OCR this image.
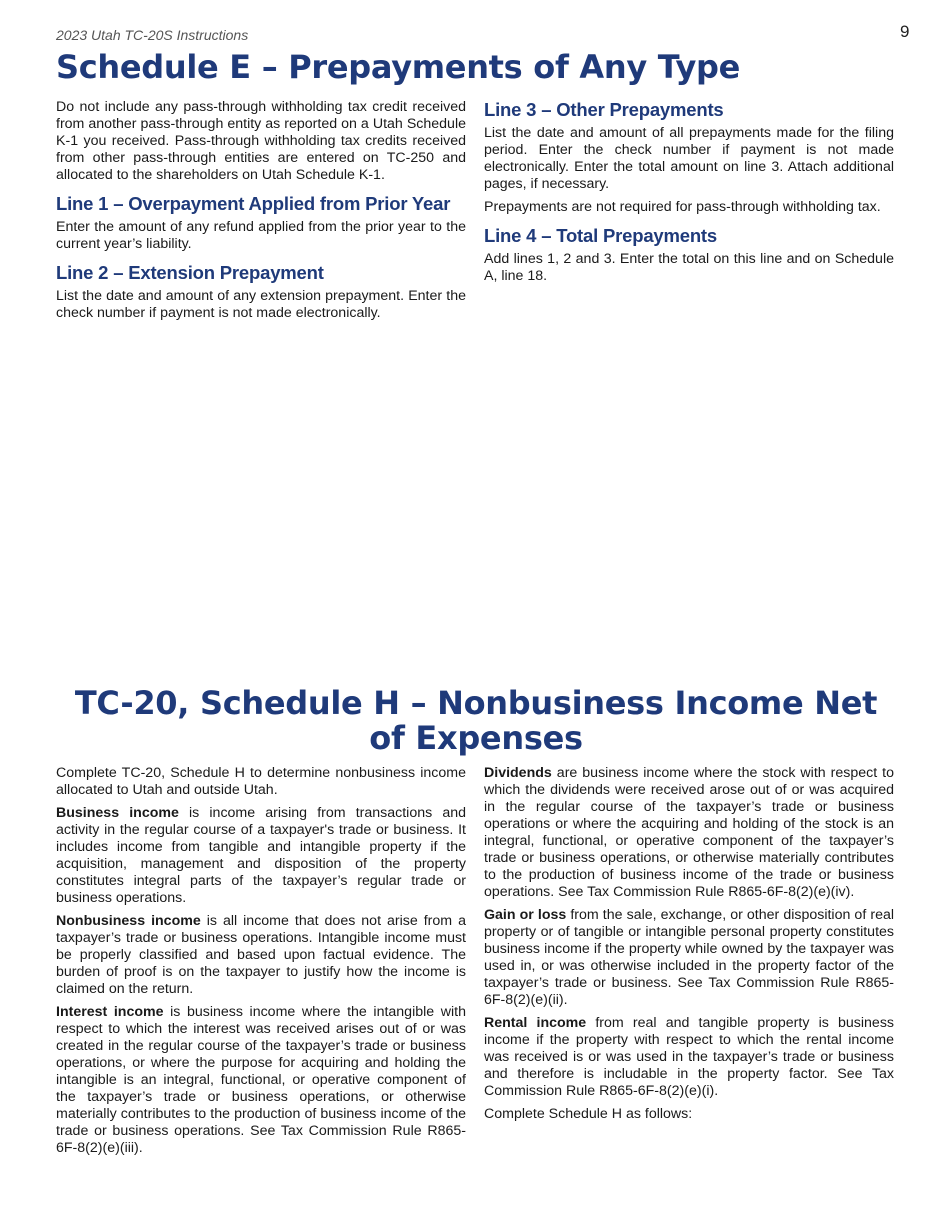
2023 Utah TC-20S Instructions	9
Schedule E – Prepayments of Any Type

Do not include any pass-through withholding tax credit received from another pass-through entity as reported on a Utah Schedule K-1 you received. Pass-through withholding tax credits received from other pass-through entities are entered on TC-250 and allocated to the shareholders on Utah Schedule K-1.

Line 1 – Overpayment Applied from Prior Year

Enter the amount of any refund applied from the prior year to the current year’s liability.

Line 2 – Extension Prepayment

List the date and amount of any extension prepayment. Enter the check number if payment is not made electronically.

Line 3 – Other Prepayments

List the date and amount of all prepayments made for the filing period. Enter the check number if payment is not made electronically. Enter the total amount on line 3. Attach additional pages, if necessary.

Prepayments are not required for pass-through withholding tax.

Line 4 – Total Prepayments

Add lines 1, 2 and 3. Enter the total on this line and on Schedule A, line 18.

TC-20, Schedule H – Nonbusiness Income Net of Expenses

Complete TC-20, Schedule H to determine nonbusiness income allocated to Utah and outside Utah.

Business income is income arising from transactions and activity in the regular course of a taxpayer's trade or business. It includes income from tangible and intangible property if the acquisition, management and disposition of the property constitutes integral parts of the taxpayer’s regular trade or business operations.

Nonbusiness income is all income that does not arise from a taxpayer’s trade or business operations. Intangible income must be properly classified and based upon factual evidence. The burden of proof is on the taxpayer to justify how the income is claimed on the return.

Interest income is business income where the intangible with respect to which the interest was received arises out of or was created in the regular course of the taxpayer’s trade or business operations, or where the purpose for acquiring and holding the intangible is an integral, functional, or operative component of the taxpayer’s trade or business operations, or otherwise materially contributes to the production of business income of the trade or business operations. See Tax Commission Rule R865-6F-8(2)(e)(iii).

Dividends are business income where the stock with respect to which the dividends were received arose out of or was acquired in the regular course of the taxpayer’s trade or business operations or where the acquiring and holding of the stock is an integral, functional, or operative component of the taxpayer’s trade or business operations, or otherwise materially contributes to the production of business income of the trade or business operations. See Tax Commission Rule R865-6F-8(2)(e)(iv).

Gain or loss from the sale, exchange, or other disposition of real property or of tangible or intangible personal property constitutes business income if the property while owned by the taxpayer was used in, or was otherwise included in the property factor of the taxpayer’s trade or business. See Tax Commission Rule R865-6F-8(2)(e)(ii).

Rental income from real and tangible property is business income if the property with respect to which the rental income was received is or was used in the taxpayer’s trade or business and therefore is includable in the property factor. See Tax Commission Rule R865-6F-8(2)(e)(i).

Complete Schedule H as follows:
